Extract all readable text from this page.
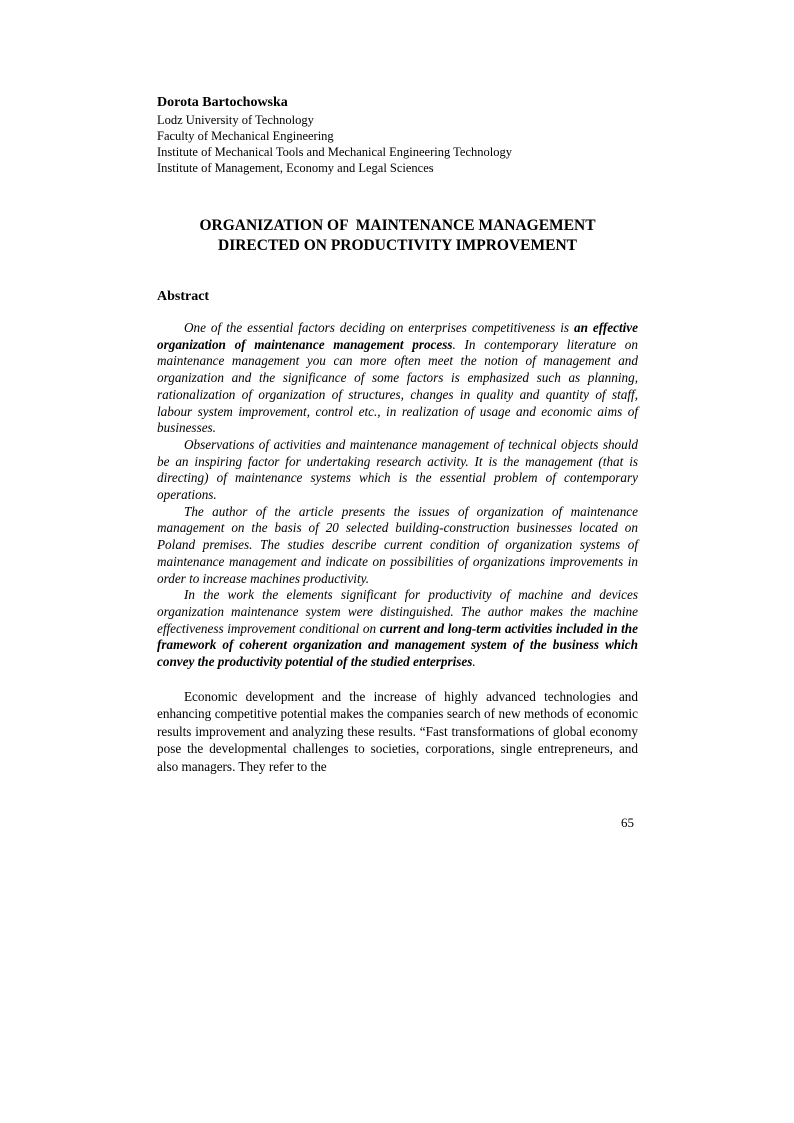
Dorota Bartochowska

Lodz University of Technology

Faculty of Mechanical Engineering

Institute of Mechanical Tools and Mechanical Engineering Technology

Institute of Management, Economy and Legal Sciences

ORGANIZATION OF  MAINTENANCE MANAGEMENT
DIRECTED ON PRODUCTIVITY IMPROVEMENT
Abstract

One of the essential factors deciding on enterprises competitiveness is an effective organization of maintenance management process. In contemporary literature on maintenance management you can more often meet the notion of management and organization and the significance of some factors is emphasized such as planning, rationalization of organization of structures, changes in quality and quantity of staff, labour system improvement, control etc., in realization of usage and economic aims of businesses.

Observations of activities and maintenance management of technical objects should be an inspiring factor for undertaking research activity. It is the management (that is directing) of maintenance systems which is the essential problem of contemporary operations.

The author of the article presents the issues of organization of maintenance management on the basis of 20 selected building-construction businesses located on Poland premises. The studies describe current condition of organization systems of maintenance management and indicate on possibilities of organizations improvements in order to increase machines productivity.

In the work the elements significant for productivity of machine and devices organization maintenance system were distinguished. The author makes the machine effectiveness improvement conditional on current and long-term activities included in the framework of coherent organization and management system of the business which convey the productivity potential of the studied enterprises.

Economic development and the increase of highly advanced technologies and enhancing competitive potential makes the companies search of new methods of economic results improvement and analyzing these results. “Fast transformations of global economy pose the developmental challenges to societies, corporations, single entrepreneurs, and also managers. They refer to the

65
